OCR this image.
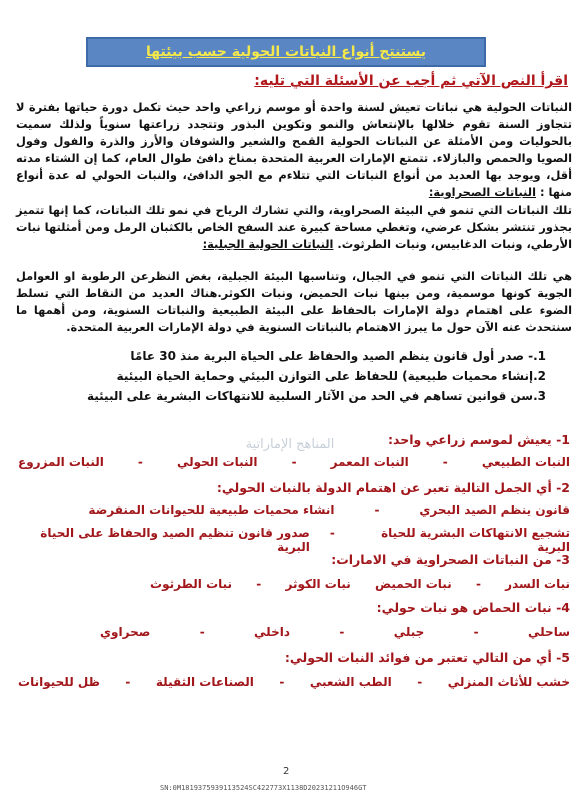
يستنتج أنواع النباتات الحولية حسب بيئتها
اقرأ النص الآتي ثم أجب عن الأسئلة التي تليه:
النباتات الحولية هي نباتات تعيش لسنة واحدة أو موسم زراعي واحد حيث تكمل دورة حياتها بفترة لا تتجاوز السنة تقوم خلالها بالإنتعاش والنمو وتكوين البذور وتتجدد زراعتها سنوياً ولذلك سميت بالحوليات ومن الأمثلة عن النباتات الحولية القمح والشعير والشوفان والأرز والذرة والفول وفول الصويا والحمص والبازلاء. تتمتع الإمارات العربية المتحدة بمناخ دافئ طوال العام، كما إن الشتاء مدته أقل، ويوجد بها العديد من أنواع النباتات التي تتلاءم مع الجو الدافئ، والنبات الحولي له عدة أنواع منها : النباتات الصحراوية:
تلك النباتات التي تنمو في البيئة الصحراوية، والتي تشارك الرياح في نمو تلك النباتات، كما إنها تتميز بجذور تنتشر بشكل عرضي، وتغطي مساحة كبيرة عند السفح الخاص بالكثبان الرمل ومن أمثلتها نبات الأرطي، ونبات الدغابيس، ونبات الطرثوث. النباتات الحولية الجبلية:
هي تلك النباتات التي تنمو في الجبال، وتناسبها البيئة الجبلية، بغض النظرعن الرطوبة او العوامل الجوية كونها موسمية، ومن بينها نبات الحميض، ونبات الكوثر.هناك العديد من النقاط التي تسلط الضوء على اهتمام دولة الإمارات بالحفاظ على البيئة الطبيعية والنباتات السنوية، ومن أهمها ما سنتحدث عنه الآن حول ما يبرز الاهتمام بالنباتات السنوية في دولة الإمارات العربية المتحدة.
1.- صدر أول قانون ينظم الصيد والحفاظ على الحياة البرية منذ 30 عامًا
2.إنشاء محميات طبيعية) للحفاظ على التوازن البيئي وحماية الحياة البيئية
3.سن قوانين تساهم في الحد من الآثار السلبية للانتهاكات البشرية على البيئية
المناهج الإماراتية	1- يعيش لموسم زراعي واحد:
النبات الطبيعي
-
النبات المعمر
-
النبات الحولي
-
النبات المزروع
2- أي الجمل التالية تعبر عن اهتمام الدولة بالنبات الحولي:
قانون ينظم الصيد البحري
-
انشاء محميات طبيعية للحيوانات المنقرضة
تشجيع الانتهاكات البشرية للحياة البرية
-
صدور قانون تنظيم الصيد والحفاظ على الحياة البرية
3- من النباتات الصحراوية في الامارات:
نبات السدر
-
نبات الحميض
نبات الكوثر
-
نبات الطرثوث
4- نبات الحماض هو نبات حولي:
ساحلي
-
جبلي
-
داخلي
-
صحراوي
5- أي من التالي تعتبر من فوائد النبات الحولي:
خشب للأثاث المنزلي
-
الطب الشعبي
-
الصناعات الثقيلة
-
ظل للحيوانات
2
SN:0M1819375939113524SC422773X1138D20231211O946GT
